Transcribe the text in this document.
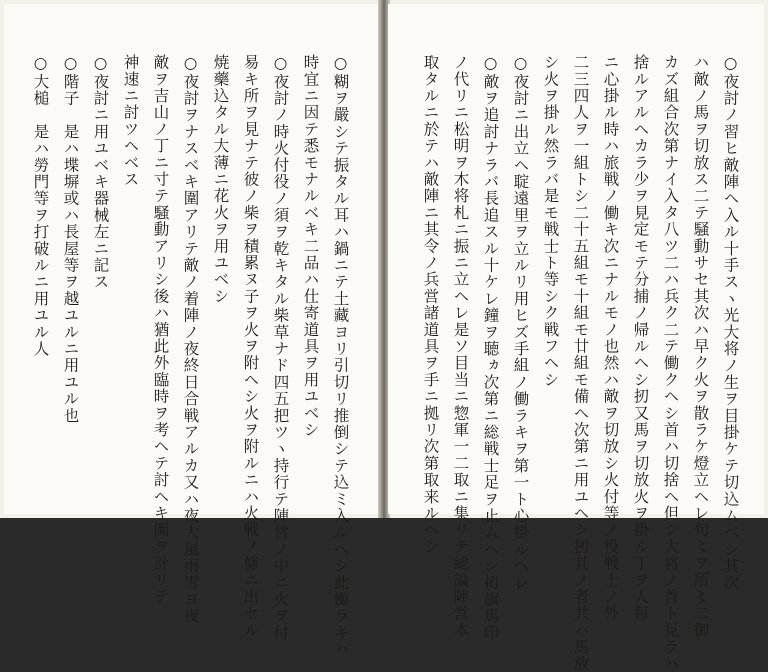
○糊ヲ嚴シテ振タル耳ハ鍋ニテ土藏ヨリ引切リ推倒シテ込ミ入ルヘシ此働ラキハ
時宜ニ因テ悉モナルベキ二品ハ仕寄道具ヲ用ユベシ
○夜討ノ時火付役ノ須ヲ乾キタル柴草ナド四五把ツヽ持行テ陣営ノ中ニ火ヲ付
易キ所ヲ見ナテ彼ノ柴ヲ積累ヌ子ヲ火ヲ附ヘシ火ヲ附ルニハ火戦ノ條ニ出セル
焼藥込タル大薄ニ花火ヲ用ユベシ
○夜討ヲナスベキ圍アリテ敵ノ着陣ノ夜終日合戦アルカ又ハ夜大風雨雪ヨ夜
敵ヲ吉山ノ丁ニ寸テ騒動アリシ後ハ猶此外臨時ヲ考ヘテ討ヘキ圖ヲ計リテ
神速ニ討ツヘベス
○夜討ニ用ユベキ器械左ニ記ス
○階子　是ハ堞塀或ハ長屋等ヲ越ユルニ用ユル也
○大槌　是ハ勞門等ヲ打破ルニ用ユル人	○夜討ノ習ヒ敵陣ヘ入ル十手スヽ光大将ノ生ヲ目掛ケテ切込ムベシ其次
ハ敵ノ馬ヲ切放ス二テ騒動サセ其次ハ早ク火ヲ散ラケ燈立ヘレ句〻ヲ所〻二御
カズ組合次第ナイ入タ八ツ二ハ兵ク二テ働クヘシ首ハ切捨ヘ但シ大将ノ首ト見ラハ
捨ルアルヘカラ少ヲ見定モテ分捕ノ帰ルヘシ扨又馬ヲ切放火ヲ掛ル丁ヲ人每
ニ心掛ル時ハ旅戦ノ働キ次ニナルモノ也然ハ敵ヲ切放シ火付等ノ役戦士ノ外
二三四人ヲ一組トシ二十五組モ十組モ廿組モ備ヘ次第ニ用ユヘシ扨其ノ者共ハ馬放
シ火ヲ掛ル然ラバ是モ戦士ト等シク戦フヘシ
○夜討ニ出立ヘ聢遠里ヲ立ルリ用ヒズ手組ノ働ラキヲ第一ト心掛ルヘレ
○敵ヲ追討ナラバ長追スル十ケレ鐘ヲ聴ヵ次第ニ総戦士足ヲ止ムヘシ扨旗馬印
ノ代リニ松明ヲ木将札ニ振ニ立ヘレ是ソ目当ニ惣軍一二取ニ集リテ総論陣営本
取タルニ於テハ敵陣ニ其令ノ兵営諸道具ヲ手ニ拠リ次第取来ルヘシ
